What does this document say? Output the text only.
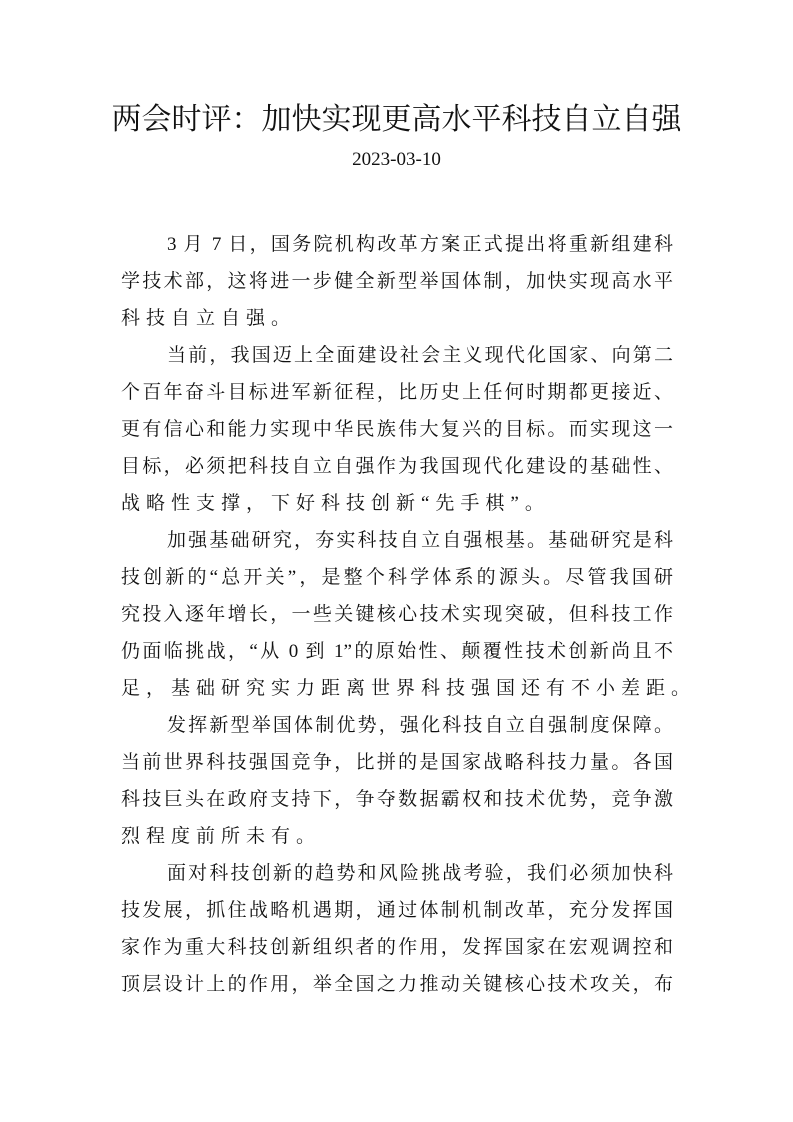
两会时评：加快实现更高水平科技自立自强
2023-03-10
3 月 7 日，国务院机构改革方案正式提出将重新组建科
学技术部，这将进一步健全新型举国体制，加快实现高水平
科技自立自强。
当前，我国迈上全面建设社会主义现代化国家、向第二
个百年奋斗目标进军新征程，比历史上任何时期都更接近、
更有信心和能力实现中华民族伟大复兴的目标。而实现这一
目标，必须把科技自立自强作为我国现代化建设的基础性、
战略性支撑，下好科技创新“先手棋”。
加强基础研究，夯实科技自立自强根基。基础研究是科
技创新的“总开关”，是整个科学体系的源头。尽管我国研
究投入逐年增长，一些关键核心技术实现突破，但科技工作
仍面临挑战，“从 0 到 1”的原始性、颠覆性技术创新尚且不
足，基础研究实力距离世界科技强国还有不小差距。
发挥新型举国体制优势，强化科技自立自强制度保障。
当前世界科技强国竞争，比拼的是国家战略科技力量。各国
科技巨头在政府支持下，争夺数据霸权和技术优势，竞争激
烈程度前所未有。
面对科技创新的趋势和风险挑战考验，我们必须加快科
技发展，抓住战略机遇期，通过体制机制改革，充分发挥国
家作为重大科技创新组织者的作用，发挥国家在宏观调控和
顶层设计上的作用，举全国之力推动关键核心技术攻关，布
